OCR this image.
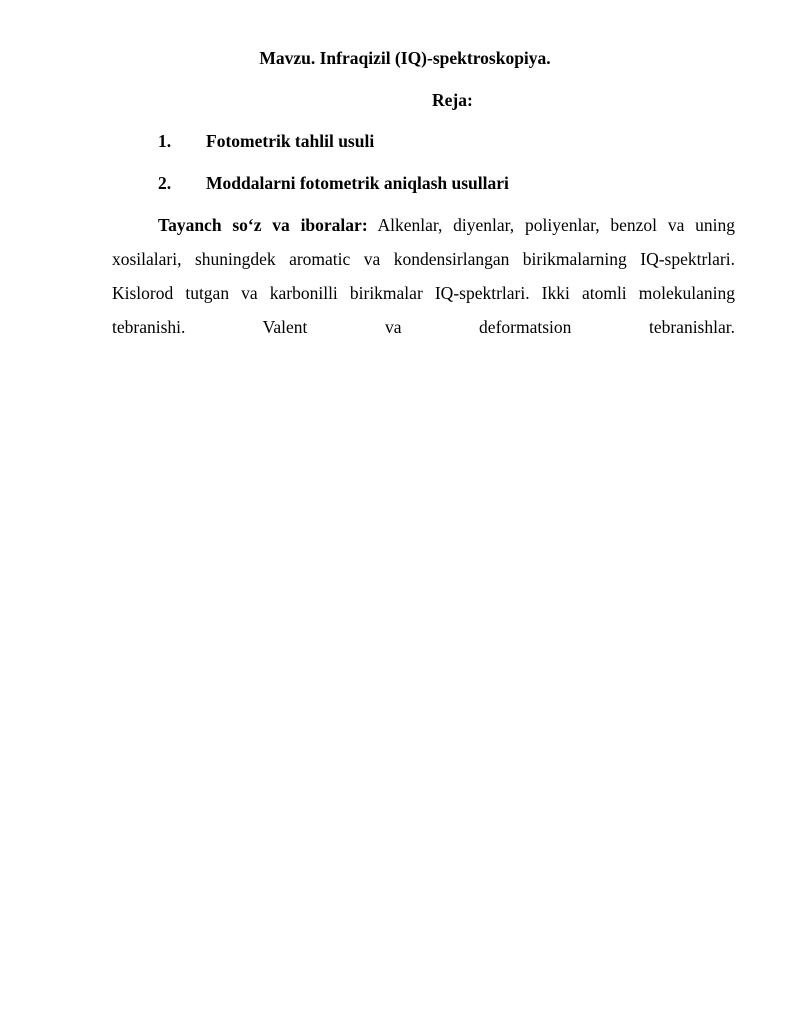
Mavzu. Infraqizil (IQ)-spektroskopiya.
Reja:
1. Fotometrik tahlil usuli
2. Moddalarni fotometrik aniqlash usullari

Tayanch so‘z va iboralar: Alkenlar, diyenlar, poliyenlar, benzol va uning xosilalari, shuningdek aromatic va kondensirlangan birikmalarning IQ-spektrlari. Kislorod tutgan va karbonilli birikmalar IQ-spektrlari. Ikki atomli molekulaning tebranishi. Valent va deformatsion tebranishlar.
